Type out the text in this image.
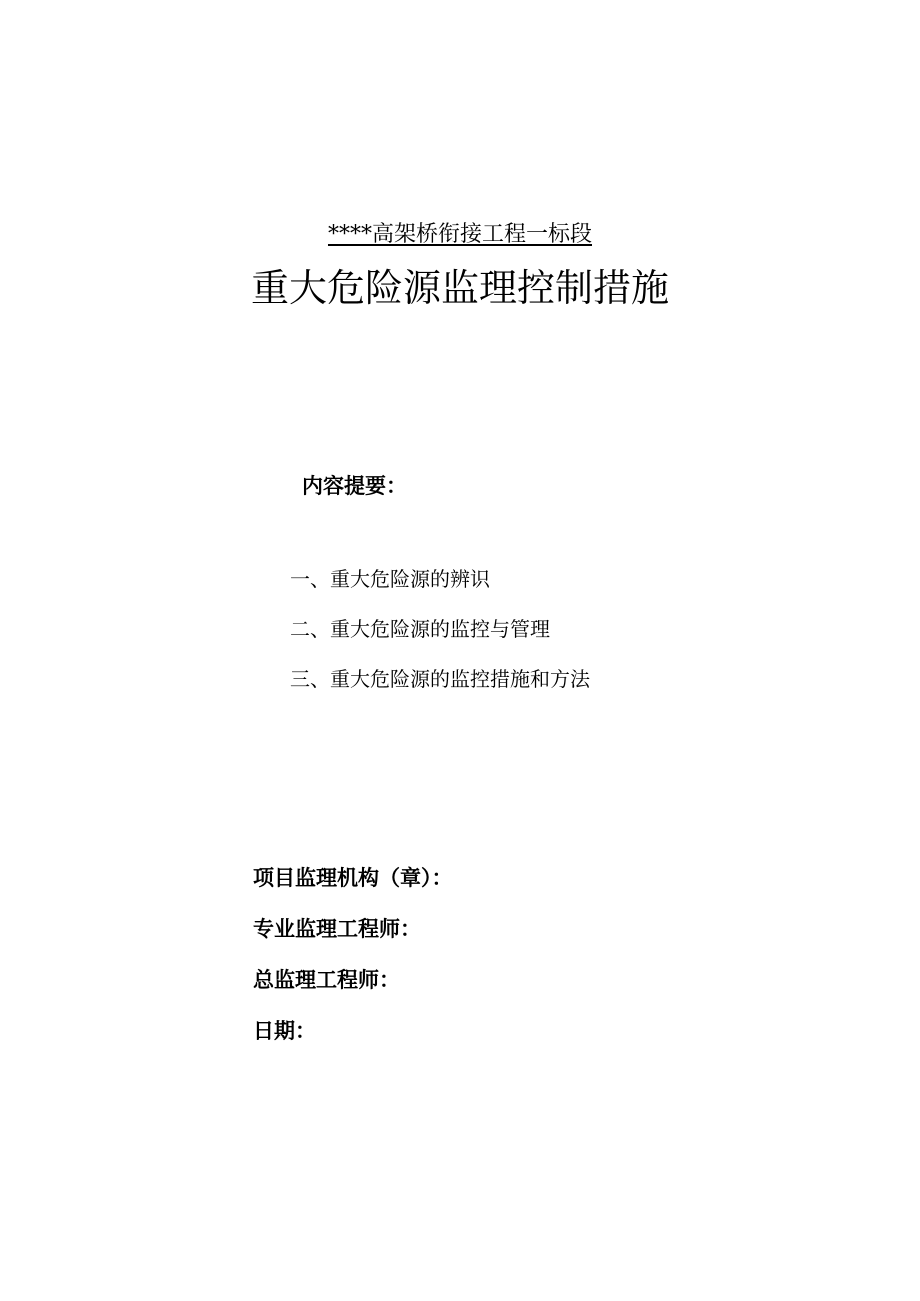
****高架桥衔接工程一标段
重大危险源监理控制措施
内容提要：
一、重大危险源的辨识
二、重大危险源的监控与管理
三、重大危险源的监控措施和方法
项目监理机构（章）：
专业监理工程师：
总监理工程师：
日期：
